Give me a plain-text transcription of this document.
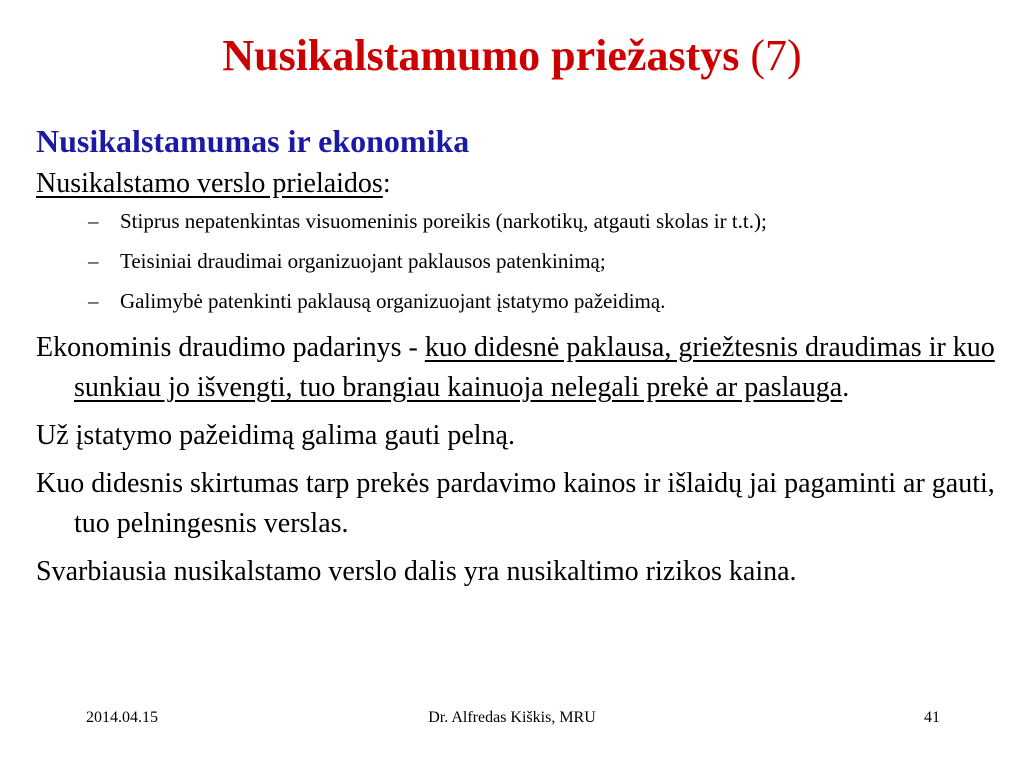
Nusikalstamumo priežastys (7)

Nusikalstamumas ir ekonomika

Nusikalstamo verslo prielaidos:

– Stiprus nepatenkintas visuomeninis poreikis (narkotikų, atgauti skolas ir t.t.);
– Teisiniai draudimai organizuojant paklausos patenkinimą;
– Galimybė patenkinti paklausą organizuojant įstatymo pažeidimą.

Ekonominis draudimo padarinys - kuo didesnė paklausa, griežtesnis draudimas ir kuo sunkiau jo išvengti, tuo brangiau kainuoja nelegali prekė ar paslauga.

Už įstatymo pažeidimą galima gauti pelną.

Kuo didesnis skirtumas tarp prekės pardavimo kainos ir išlaidų jai pagaminti ar gauti, tuo pelningesnis verslas.

Svarbiausia nusikalstamo verslo dalis yra nusikaltimo rizikos kaina.

2014.04.15	Dr. Alfredas Kiškis, MRU	41
